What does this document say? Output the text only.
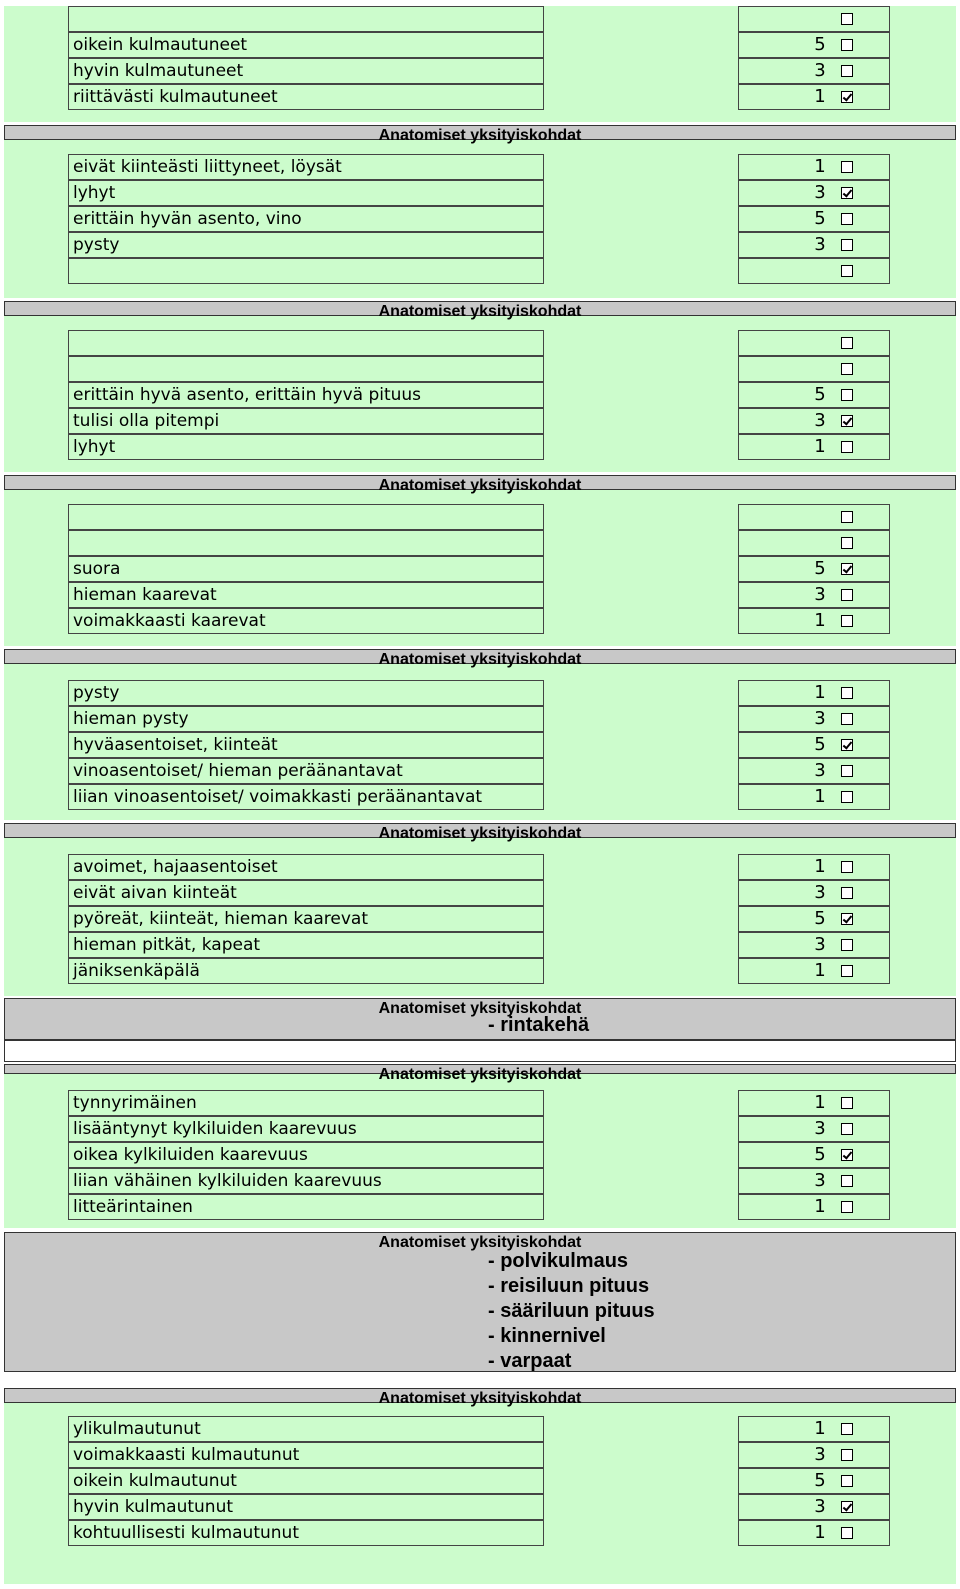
oikein kulmautuneet	5
hyvin kulmautuneet	3
riittävästi kulmautuneet	1
eivät kiinteästi liittyneet, löysät	1
lyhyt	3
erittäin hyvän asento, vino	5
pysty	3
erittäin hyvä asento, erittäin hyvä pituus	5
tulisi olla pitempi	3
lyhyt	1
suora	5
hieman kaarevat	3
voimakkaasti kaarevat	1
pysty	1
hieman pysty	3
hyväasentoiset, kiinteät	5
vinoasentoiset/ hieman peräänantavat	3
liian vinoasentoiset/ voimakkasti peräänantavat	1
avoimet, hajaasentoiset	1
eivät aivan kiinteät	3
pyöreät, kiinteät, hieman kaarevat	5
hieman pitkät, kapeat	3
jäniksenkäpälä	1
tynnyrimäinen	1
lisääntynyt kylkiluiden kaarevuus	3
oikea kylkiluiden kaarevuus	5
liian vähäinen kylkiluiden kaarevuus	3
litteärintainen	1
ylikulmautunut	1
voimakkaasti kulmautunut	3
oikein kulmautunut	5
hyvin kulmautunut	3
kohtuullisesti kulmautunut	1
Anatomiset yksityiskohdat
Anatomiset yksityiskohdat
Anatomiset yksityiskohdat
Anatomiset yksityiskohdat
Anatomiset yksityiskohdat
Anatomiset yksityiskohdat
- rintakehä
Anatomiset yksityiskohdat
Anatomiset yksityiskohdat
- polvikulmaus
- reisiluun pituus
- sääriluun pituus
- kinnernivel
- varpaat
Anatomiset yksityiskohdat
